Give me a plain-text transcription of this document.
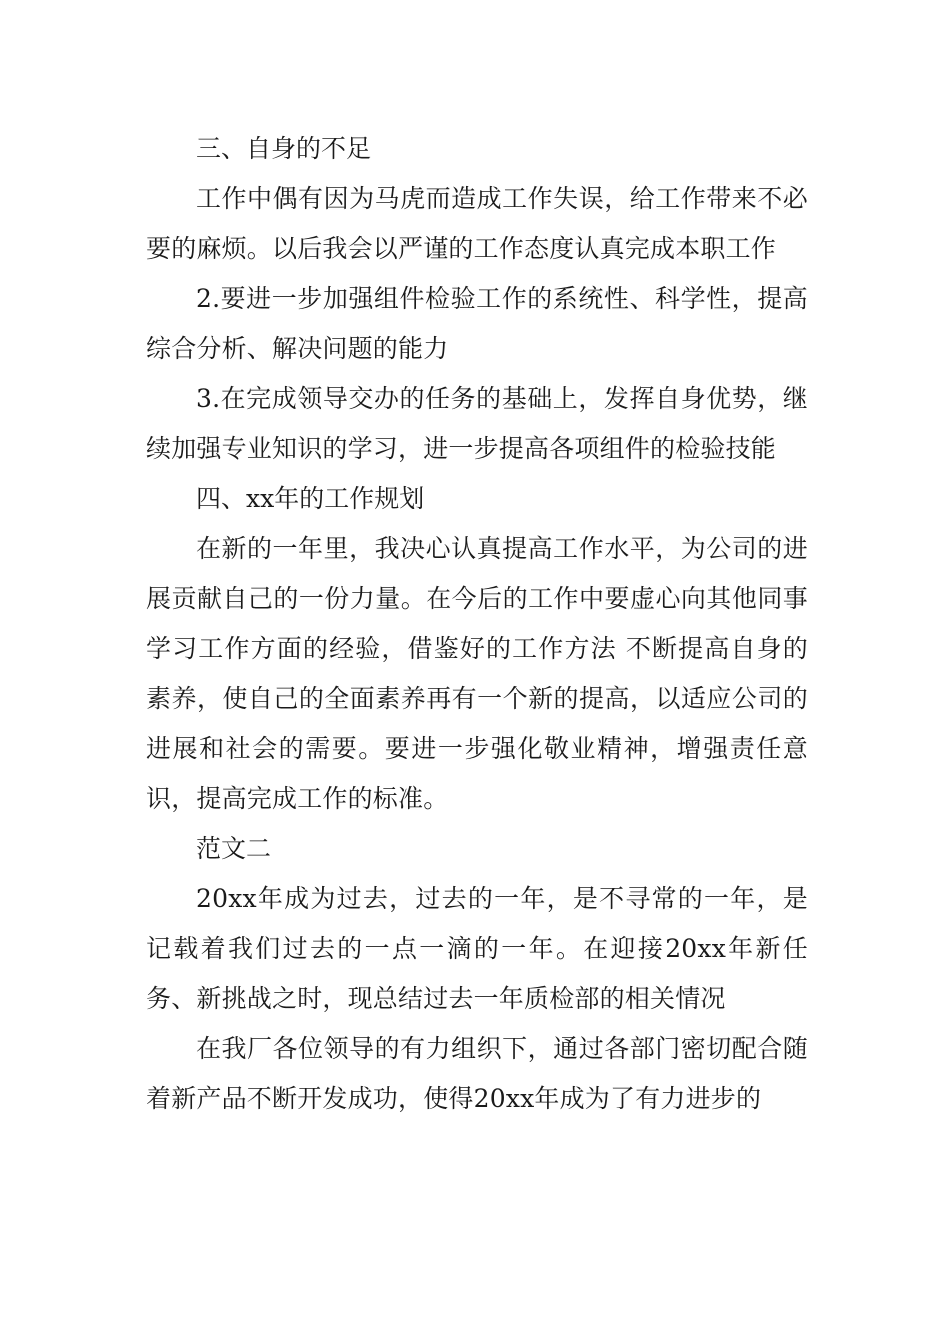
三、自身的不足

工作中偶有因为马虎而造成工作失误，给工作带来不必要的麻烦。以后我会以严谨的工作态度认真完成本职工作

2.要进一步加强组件检验工作的系统性、科学性，提高综合分析、解决问题的能力

3.在完成领导交办的任务的基础上，发挥自身优势，继续加强专业知识的学习，进一步提高各项组件的检验技能

四、xx年的工作规划

在新的一年里，我决心认真提高工作水平，为公司的进展贡献自己的一份力量。在今后的工作中要虚心向其他同事学习工作方面的经验，借鉴好的工作方法 不断提高自身的素养，使自己的全面素养再有一个新的提高，以适应公司的进展和社会的需要。要进一步强化敬业精神，增强责任意识，提高完成工作的标准。

范文二

20xx年成为过去，过去的一年，是不寻常的一年，是记载着我们过去的一点一滴的一年。在迎接20xx年新任务、新挑战之时，现总结过去一年质检部的相关情况

在我厂各位领导的有力组织下，通过各部门密切配合随着新产品不断开发成功，使得20xx年成为了有力进步的
